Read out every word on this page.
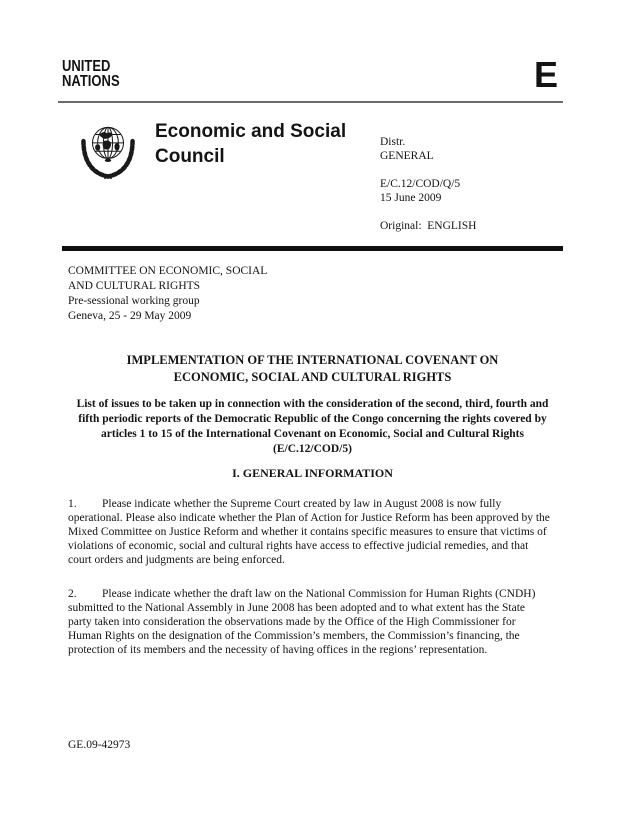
UNITED
NATIONS	E
Economic and Social
Council
Distr.
GENERAL
E/C.12/COD/Q/5
15 June 2009
Original:  ENGLISH
COMMITTEE ON ECONOMIC, SOCIAL
AND CULTURAL RIGHTS
Pre-sessional working group
Geneva, 25 - 29 May 2009
IMPLEMENTATION OF THE INTERNATIONAL COVENANT ON
ECONOMIC, SOCIAL AND CULTURAL RIGHTS
List of issues to be taken up in connection with the consideration of the second, third, fourth and
fifth periodic reports of the Democratic Republic of the Congo concerning the rights covered by
articles 1 to 15 of the International Covenant on Economic, Social and Cultural Rights
(E/C.12/COD/5)
I. GENERAL INFORMATION
1. Please indicate whether the Supreme Court created by law in August 2008 is now fully
operational. Please also indicate whether the Plan of Action for Justice Reform has been approved by the
Mixed Committee on Justice Reform and whether it contains specific measures to ensure that victims of
violations of economic, social and cultural rights have access to effective judicial remedies, and that
court orders and judgments are being enforced.
2. Please indicate whether the draft law on the National Commission for Human Rights (CNDH)
submitted to the National Assembly in June 2008 has been adopted and to what extent has the State
party taken into consideration the observations made by the Office of the High Commissioner for
Human Rights on the designation of the Commission’s members, the Commission’s financing, the
protection of its members and the necessity of having offices in the regions’ representation.
GE.09-42973
